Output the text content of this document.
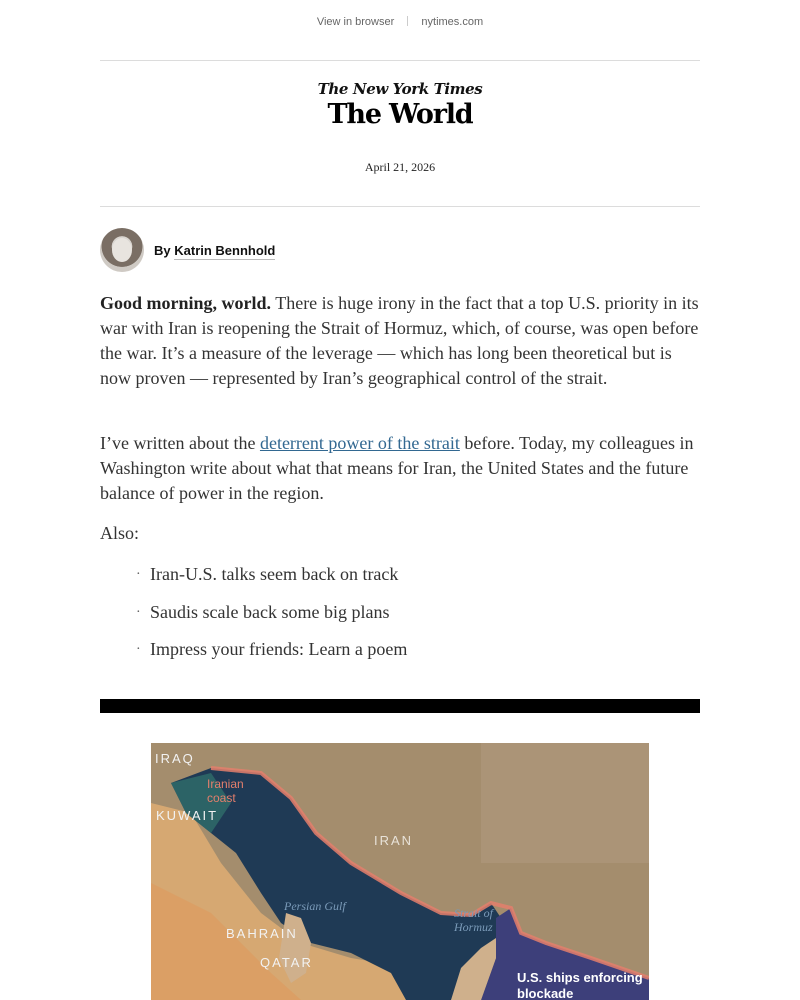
View in browser nytimes.com
The New York Times
The World
April 21, 2026
By Katrin Bennhold

Good morning, world. There is huge irony in the fact that a top U.S. priority in its war with Iran is reopening the Strait of Hormuz, which, of course, was open before the war. It’s a measure of the leverage — which has long been theoretical but is now proven — represented by Iran’s geographical control of the strait.

I’ve written about the deterrent power of the strait before. Today, my colleagues in Washington write about what that means for Iran, the United States and the future balance of power in the region.

Also:

· Iran-U.S. talks seem back on track
· Saudis scale back some big plans
· Impress your friends: Learn a poem
IRAQ
Iranian coast
KUWAIT
IRAN
Persian Gulf	Strait of Hormuz
BAHRAIN
QATAR
U.S. ships enforcing blockade
